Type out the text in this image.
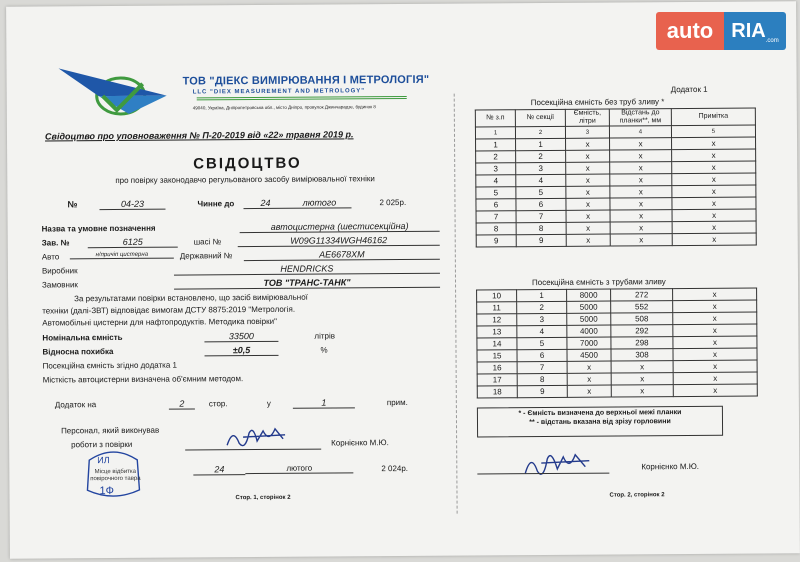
ТОВ "ДІЕКС ВИМІРЮВАННЯ І МЕТРОЛОГІЯ"
LLC "DIEX MEASUREMENT AND METROLOGY"
49040, Україна, Дніпропетровська обл., місто Дніпро, провулок Джинчарадзе, будинок 8
Свідоцтво про уповноваження № П-20-2019 від «22» травня 2019 р.
СВІДОЦТВО
про повірку законодавчо регульованого засобу вимірювальної техніки
№	04-23	Чинне до	24	лютого	2 025р.
Назва та умовне позначення	автоцистерна (шестисекційна)
Зав. №	6125	шасі №	W09G11334WGH46162
Авто	н/причіп цистерна	Державний №	AE6678XM
Виробник	HENDRICKS
Замовник	ТОВ "ТРАНС-ТАНК"
За результатами повірки встановлено, що засіб вимірювальної
техніки (далі-ЗВТ) відповідає вимогам ДСТУ 8875:2019 "Метрологія.
Автомобільні цистерни для нафтопродуктів. Методика повірки"
Номінальна ємність	33500	літрів
Відносна похибка	±0,5	%
Посекційна ємність згідно додатка 1
Місткість автоцистерни визначена об'ємним методом.
Додаток на	2	стор.	у	1	прим.
Персонал, який виконував
роботи з повірки	Корнієнко М.Ю.
ИЛ
1Ф
Місце відбитка повірочного тавра
24	лютого	2 024р.
Стор. 1, сторінок 2
Додаток 1
Посекційна ємність без труб зливу *
№ з.п	№ секції	Ємність, літри	Відстань до планки**, мм	Примітка
1	2	3	4	5
1	1	х	х	х
2	2	х	х	х
3	3	х	х	х
4	4	х	х	х
5	5	х	х	х
6	6	х	х	х
7	7	х	х	х
8	8	х	х	х
9	9	х	х	х
Посекційна ємність з трубами зливу
10	1	8000	272	х
11	2	5000	552	х
12	3	5000	508	х
13	4	4000	292	х
14	5	7000	298	х
15	6	4500	308	х
16	7	х	х	х
17	8	х	х	х
18	9	х	х	х
* - Ємність визначена до верхньої межі планки
** - відстань вказана від зрізу горловини
Корнієнко М.Ю.
Стор. 2, сторінок 2
auto $RIA_{.com}$
